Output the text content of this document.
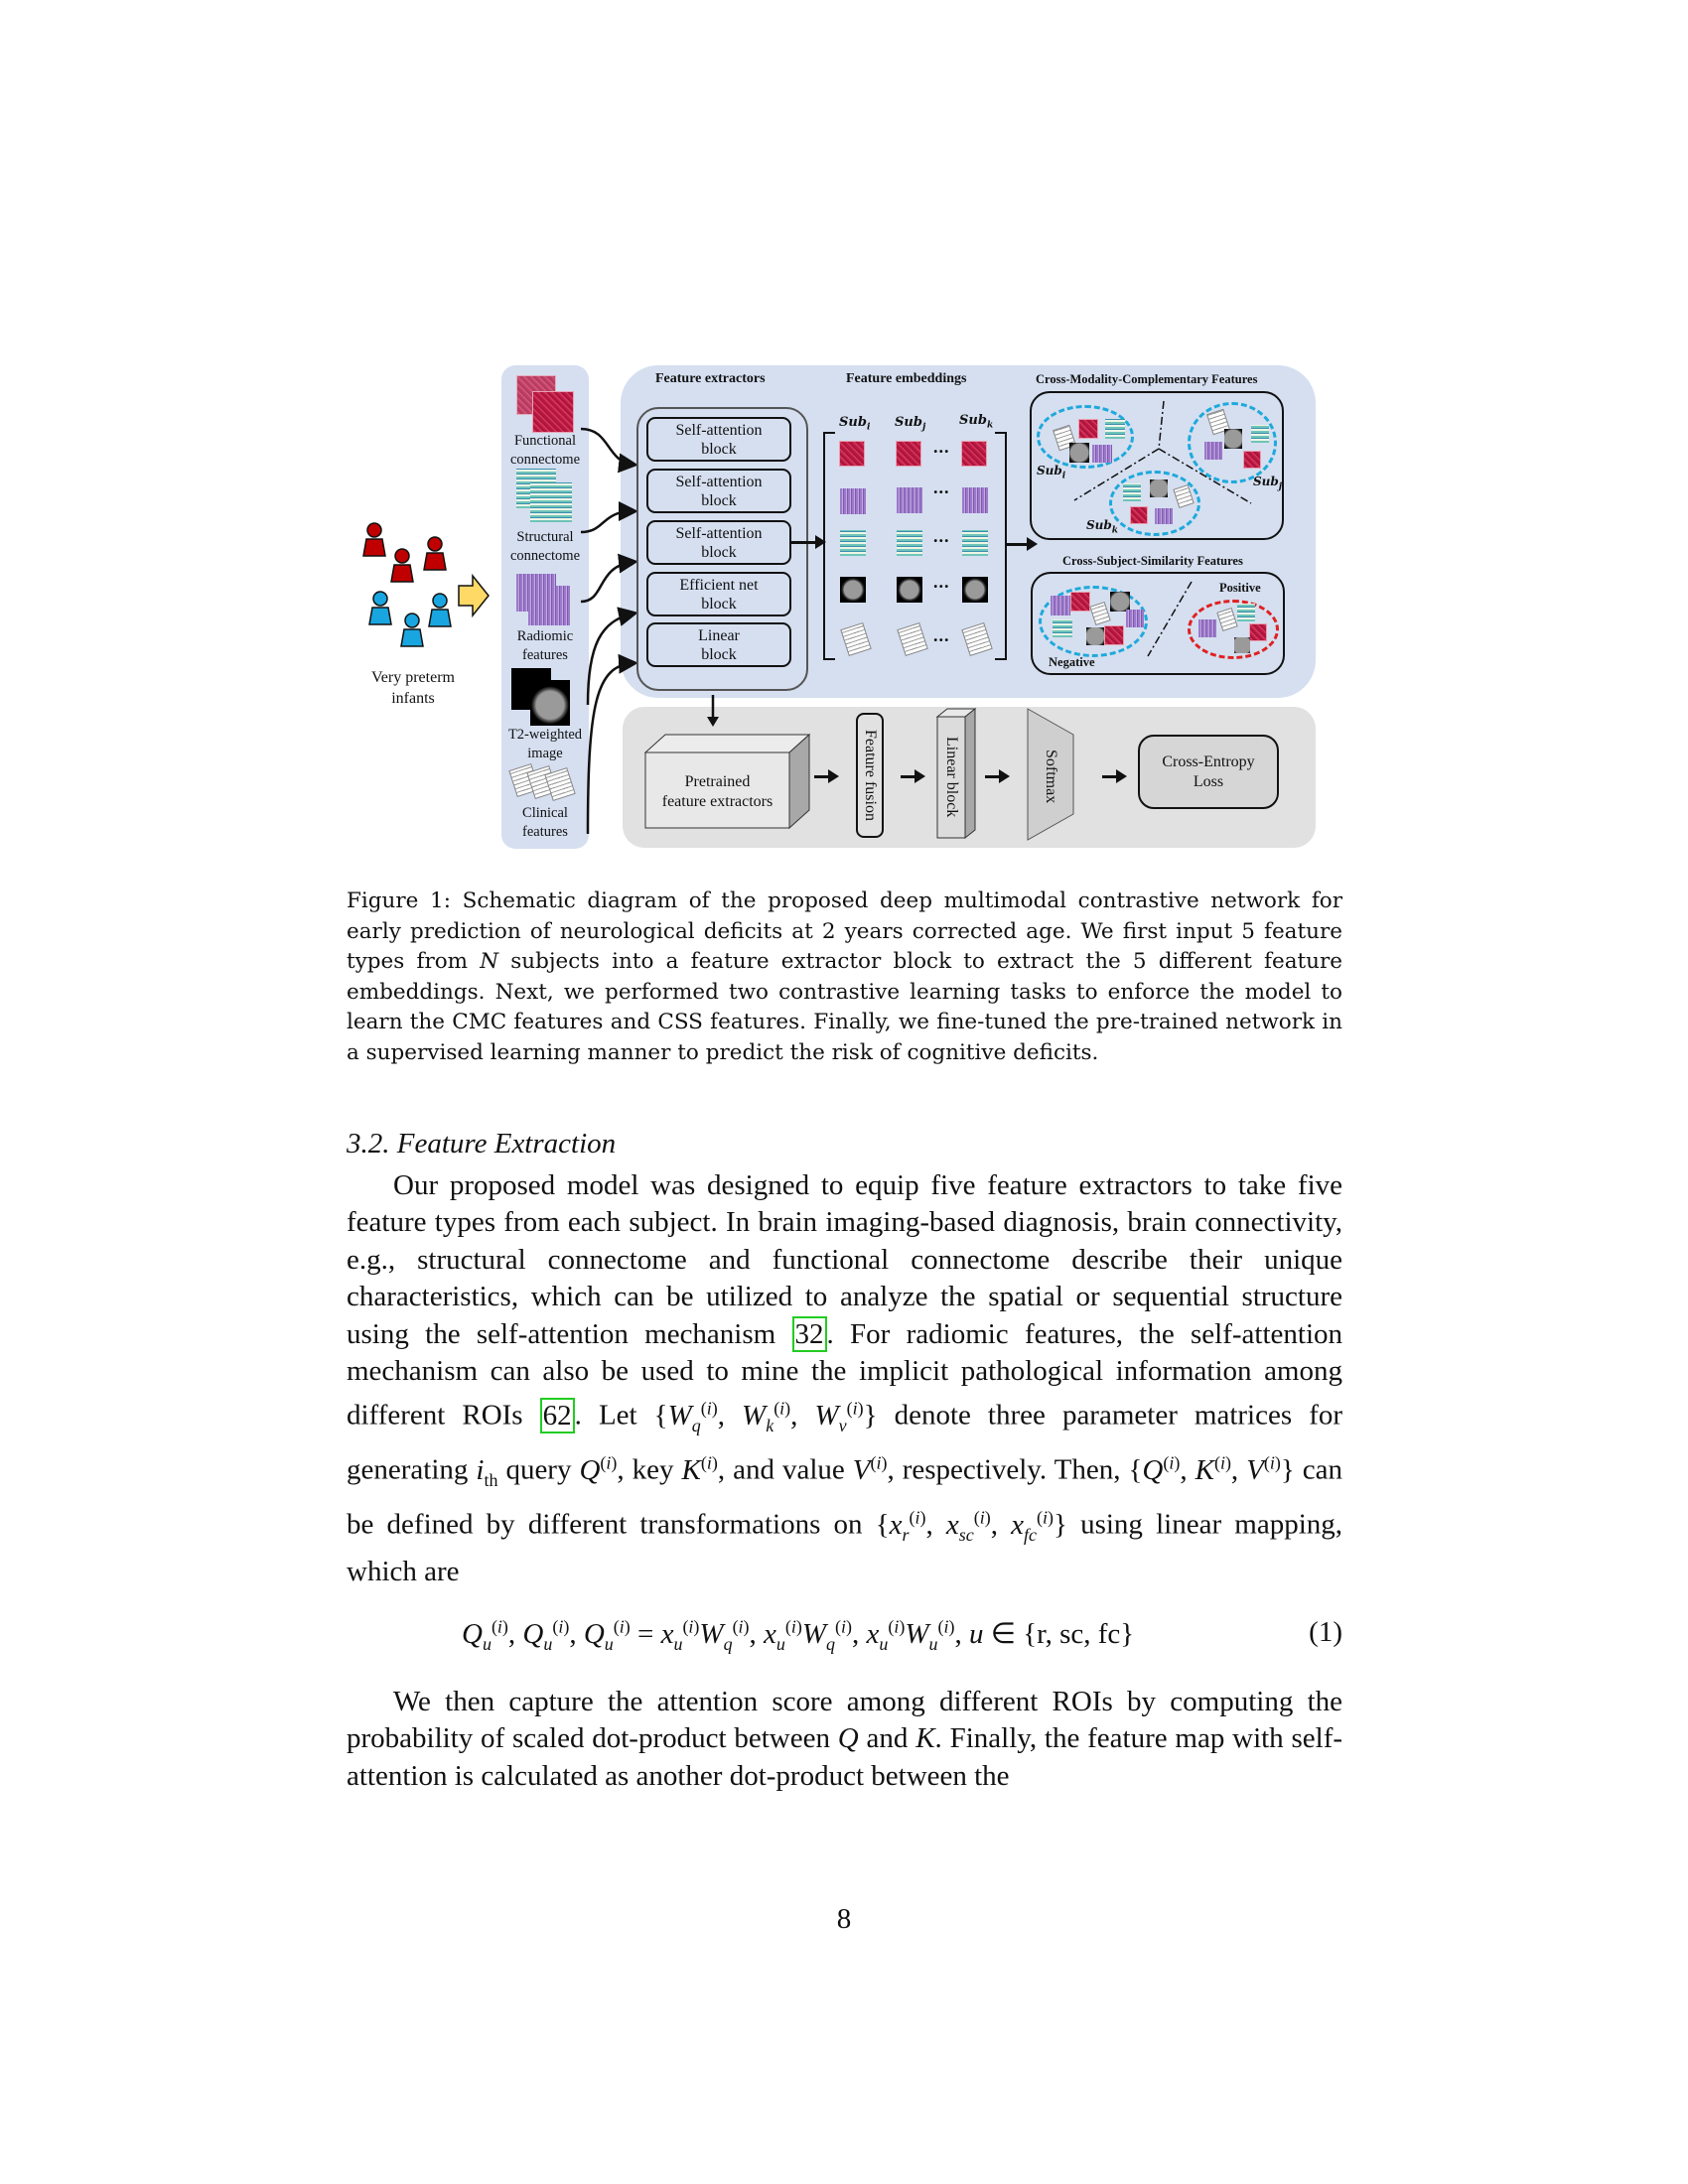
Very preterm infants
Functional
connectome
Structural
connectome
Radiomic
features
T2-weighted
image
Clinical
features
Feature extractors
Self-attention
block
Self-attention
block
Self-attention
block
Efficient net
block
Linear
block
Feature embeddings
Sub$_i$ Sub$_j$	Sub$_k$
...
...
...
...
...
Cross-Modality-Complementary Features
Sub$_i$	Sub$_j$
Sub$_k$
Cross-Subject-Similarity Features
Negative
Positive
Pretrained
feature extractors	Feature fusion	Linear block	Softmax	Cross-Entropy
Loss
Figure 1: Schematic diagram of the proposed deep multimodal contrastive network for early prediction of neurological deficits at 2 years corrected age. We first input 5 feature types from N subjects into a feature extractor block to extract the 5 different feature embeddings. Next, we performed two contrastive learning tasks to enforce the model to learn the CMC features and CSS features. Finally, we fine-tuned the pre-trained network in a supervised learning manner to predict the risk of cognitive deficits.
3.2. Feature Extraction
Our proposed model was designed to equip five feature extractors to take five feature types from each subject. In brain imaging-based diagnosis, brain connectivity, e.g., structural connectome and functional connectome describe their unique characteristics, which can be utilized to analyze the spatial or sequential structure using the self-attention mechanism 32 . For radiomic features, the self-attention mechanism can also be used to mine the implicit pathological information among different ROIs 62 . Let {$W_q^{(i)}$, $W_k^{(i)}$, $W_v^{(i)}$} denote three parameter matrices for generating $i_{th}$ query $Q^{(i)}$, key $K^{(i)}$, and value $V^{(i)}$, respectively. Then, {$Q^{(i)}$, $K^{(i)}$, $V^{(i)}$} can be defined by different transformations on {$x_r^{(i)}$, $x_{sc}^{(i)}$, $x_{fc}^{(i)}$} using linear mapping, which are
$Q_u^{(i)}$, $Q_u^{(i)}$, $Q_u^{(i)} = x_u^{(i)}W_q^{(i)}$, $x_u^{(i)}W_q^{(i)}$, $x_u^{(i)}W_u^{(i)}$, u ∈ {r, sc, fc}	(1)
We then capture the attention score among different ROIs by computing the probability of scaled dot-product between Q and K. Finally, the feature map with self-attention is calculated as another dot-product between the
8
